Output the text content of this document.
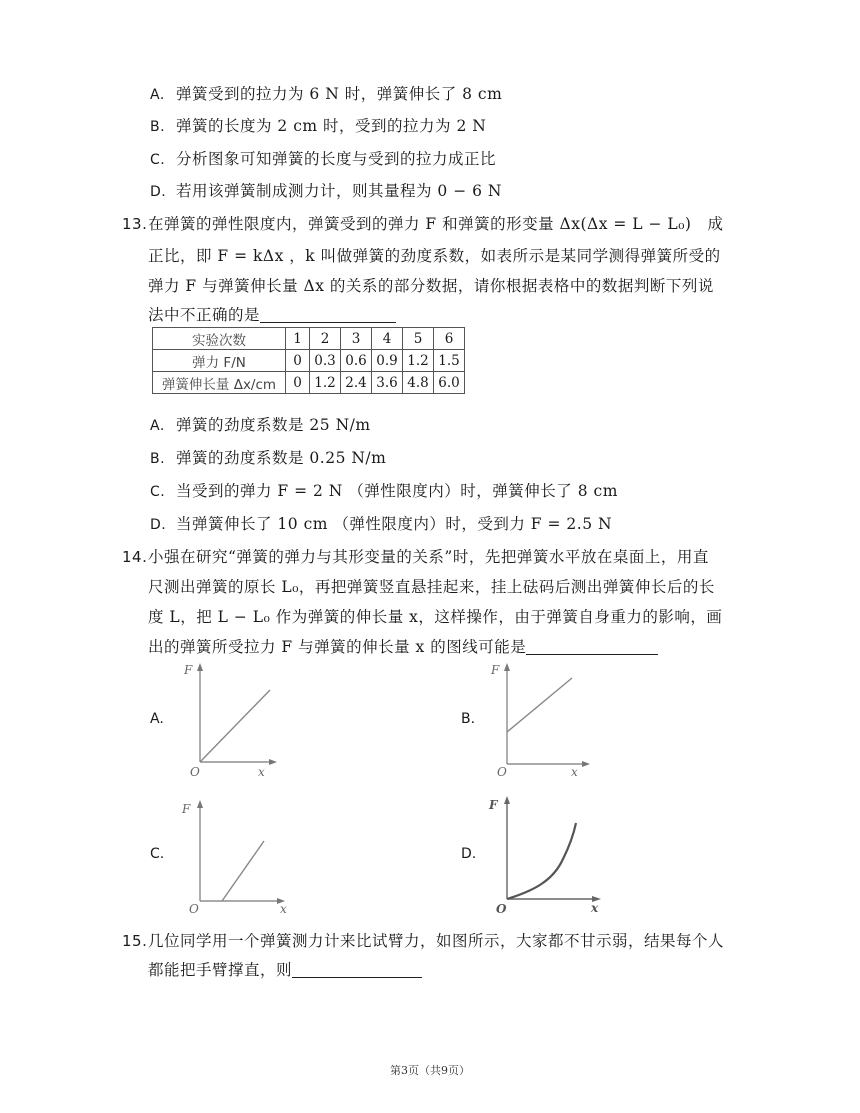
A. 弹簧受到的拉力为 6 N 时，弹簧伸长了 8 cm
B. 弹簧的长度为 2 cm 时，受到的拉力为 2 N
C. 分析图象可知弹簧的长度与受到的拉力成正比
D. 若用该弹簧制成测力计，则其量程为 0 − 6 N
13.在弹簧的弹性限度内，弹簧受到的弹力 F 和弹簧的形变量 Δx(Δx = L − L₀)　成
正比，即 F = kΔx ，k 叫做弹簧的劲度系数，如表所示是某同学测得弹簧所受的
弹力 F 与弹簧伸长量 Δx 的关系的部分数据，请你根据表格中的数据判断下列说
法中不正确的是
实验次数	1	2	3	4	5	6
弹力 F/N	0	0.3	0.6	0.9	1.2	1.5
弹簧伸长量 Δx/cm	0	1.2	2.4	3.6	4.8	6.0
A. 弹簧的劲度系数是 25 N/m
B. 弹簧的劲度系数是 0.25 N/m
C. 当受到的弹力 F = 2 N （弹性限度内）时，弹簧伸长了 8 cm
D. 当弹簧伸长了 10 cm （弹性限度内）时，受到力 F = 2.5 N
14.小强在研究“弹簧的弹力与其形变量的关系”时，先把弹簧水平放在桌面上，用直
尺测出弹簧的原长 L₀，再把弹簧竖直悬挂起来，挂上砝码后测出弹簧伸长后的长
度 L，把 L − L₀ 作为弹簧的伸长量 x，这样操作，由于弹簧自身重力的影响，画
出的弹簧所受拉力 F 与弹簧的伸长量 x 的图线可能是
A.
F
x
O
B.
F
x
O
C.
F
x
O
D.
F
x
O
15.几位同学用一个弹簧测力计来比试臂力，如图所示，大家都不甘示弱，结果每个人
都能把手臂撑直，则
第3页（共9页）
